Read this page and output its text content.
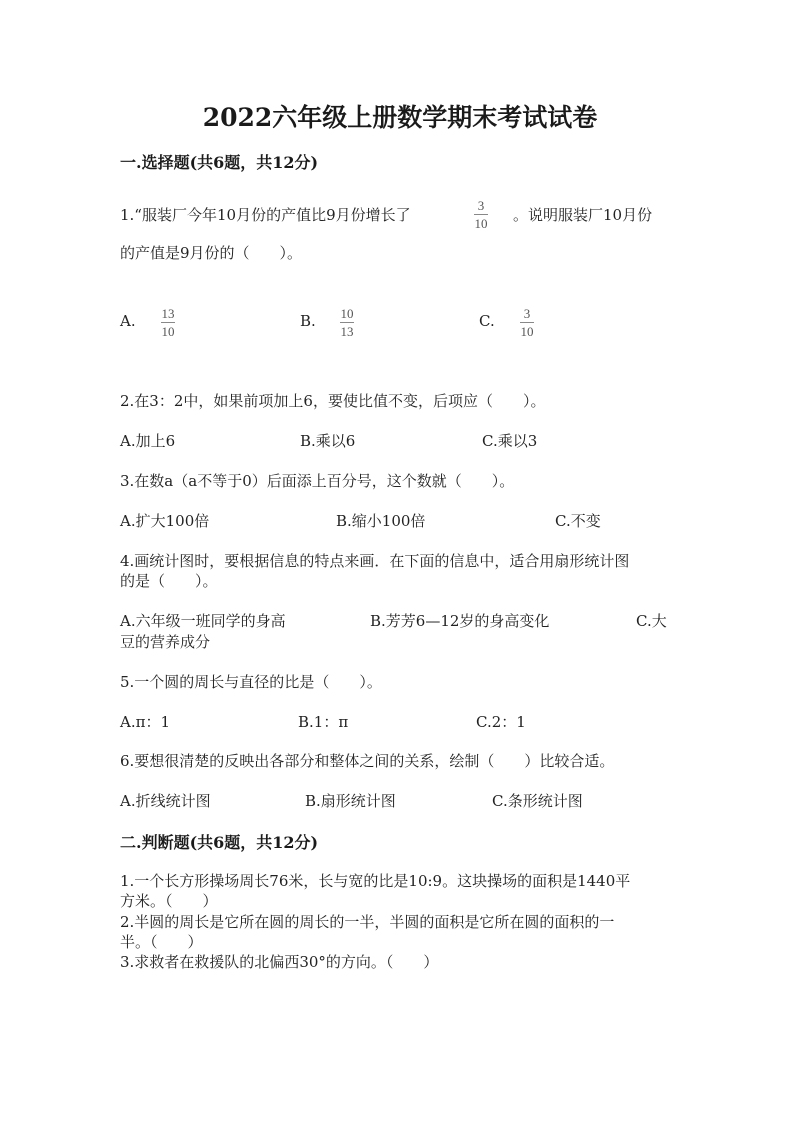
2022六年级上册数学期末考试试卷
一.选择题(共6题，共12分)
1.“服装厂今年10月份的产值比9月份增长了
3
10 。说明服装厂10月份
的产值是9月份的（　　）。
A. 13
10
B. 10
13
C. 3
10
2.在3：2中，如果前项加上6，要使比值不变，后项应（　　）。
A.加上6	B.乘以6	C.乘以3
3.在数a（a不等于0）后面添上百分号，这个数就（　　）。
A.扩大100倍	B.缩小100倍	C.不变
4.画统计图时，要根据信息的特点来画．在下面的信息中，适合用扇形统计图
的是（　　）。
A.六年级一班同学的身高	B.芳芳6—12岁的身高变化	C.大
豆的营养成分
5.一个圆的周长与直径的比是（　　）。
A.π：1	B.1：π	C.2：1
6.要想很清楚的反映出各部分和整体之间的关系，绘制（　　）比较合适。
A.折线统计图	B.扇形统计图	C.条形统计图
二.判断题(共6题，共12分)
1.一个长方形操场周长76米，长与宽的比是10:9。这块操场的面积是1440平
方米。（　　）
2.半圆的周长是它所在圆的周长的一半，半圆的面积是它所在圆的面积的一
半。（　　）
3.求救者在救援队的北偏西30°的方向。（　　）
